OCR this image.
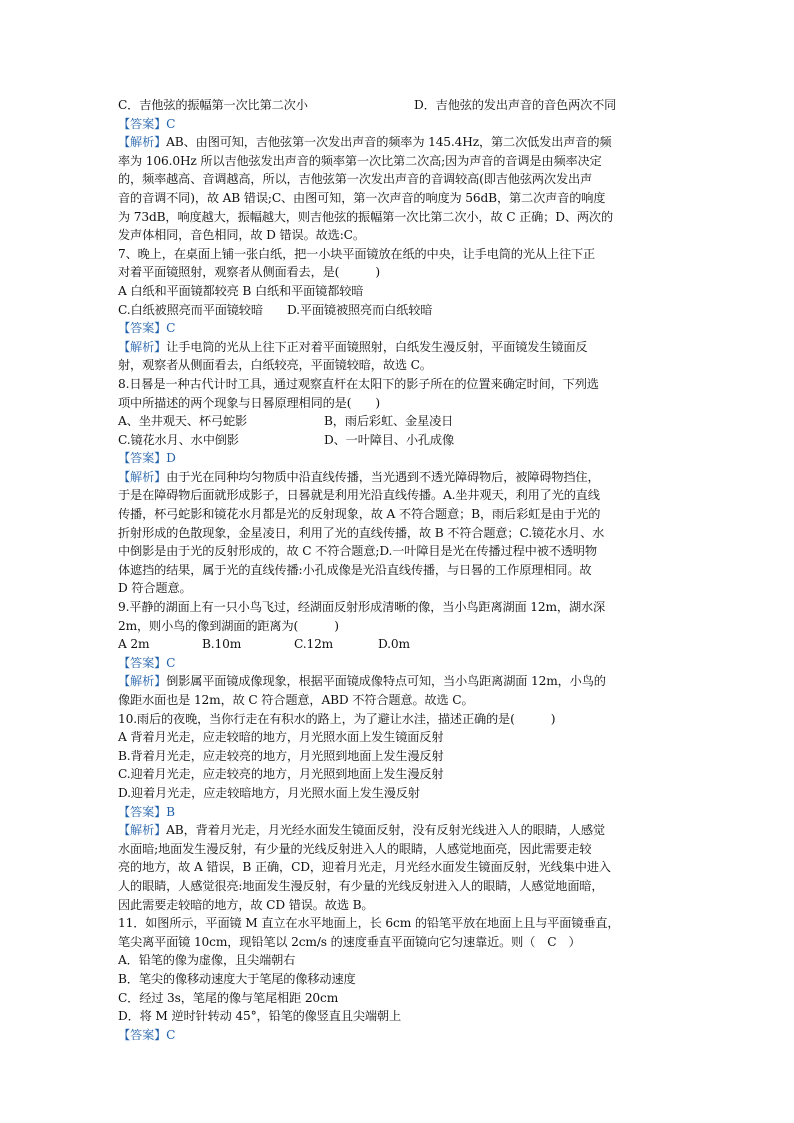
C．吉他弦的振幅第一次比第二次小	D．吉他弦的发出声音的音色两次不同
【答案】C
【解析】AB、由图可知，吉他弦第一次发出声音的频率为 145.4Hz，第二次低发出声音的频
率为 106.0Hz 所以吉他弦发出声音的频率第一次比第二次高;因为声音的音调是由频率决定
的，频率越高、音调越高，所以，吉他弦第一次发出声音的音调较高(即吉他弦两次发出声
音的音调不同)，故 AB 错误;C、由图可知，第一次声音的响度为 56dB，第二次声音的响度
为 73dB，响度越大，振幅越大，则吉他弦的振幅第一次比第二次小，故 C 正确；D、两次的
发声体相同，音色相同，故 D 错误。故选:C。
7、晚上，在桌面上铺一张白纸，把一小块平面镜放在纸的中央，让手电筒的光从上往下正
对着平面镜照射，观察者从侧面看去，是(　　　)
A 白纸和平面镜都较亮 B 白纸和平面镜都较暗
C.白纸被照亮而平面镜较暗　　D.平面镜被照亮而白纸较暗
【答案】C
【解析】让手电筒的光从上往下正对着平面镜照射，白纸发生漫反射，平面镜发生镜面反
射，观察者从侧面看去，白纸较亮，平面镜较暗，故选 C。
8.日晷是一种古代计时工具，通过观察直杆在太阳下的影子所在的位置来确定时间，下列选
项中所描述的两个现象与日晷原理相同的是(　　)
A、坐井观天、杯弓蛇影	B，雨后彩虹、金星凌日
C.镜花水月、水中倒影	D、一叶障目、小孔成像
【答案】D
【解析】由于光在同种均匀物质中沿直线传播，当光遇到不透光障碍物后，被障碍物挡住，
于是在障碍物后面就形成影子，日晷就是利用光沿直线传播。A.坐井观天，利用了光的直线
传播，杯弓蛇影和镜花水月都是光的反射现象，故 A 不符合题意；B，雨后彩虹是由于光的
折射形成的色散现象，金星凌日，利用了光的直线传播，故 B 不符合题意；C.镜花水月、水
中倒影是由于光的反射形成的，故 C 不符合题意;D.一叶障目是光在传播过程中被不透明物
体遮挡的结果，属于光的直线传播:小孔成像是光沿直线传播，与日晷的工作原理相同。故
D 符合题意。
9.平静的湖面上有一只小鸟飞过，经湖面反射形成清晰的像，当小鸟距离湖面 12m，湖水深
2m，则小鸟的像到湖面的距离为(　　　)
A 2m	B.10m	C.12m	D.0m
【答案】C
【解析】倒影属平面镜成像现象，根据平面镜成像特点可知，当小鸟距离湖面 12m，小鸟的
像距水面也是 12m，故 C 符合题意，ABD 不符合题意。故选 C。
10.雨后的夜晚，当你行走在有积水的路上，为了避让水洼，描述正确的是(　　　)
A 背着月光走，应走较暗的地方，月光照水面上发生镜面反射
B.背着月光走，应走较亮的地方，月光照到地面上发生漫反射
C.迎着月光走，应走较亮的地方，月光照到地面上发生漫反射
D.迎着月光走，应走较暗地方，月光照水面上发生漫反射
【答案】B
【解析】AB，背着月光走，月光经水面发生镜面反射，没有反射光线进入人的眼睛，人感觉
水面暗;地面发生漫反射，有少量的光线反射进入人的眼睛，人感觉地面亮，因此需要走较
亮的地方，故 A 错误，B 正确，CD，迎着月光走，月光经水面发生镜面反射，光线集中进入
人的眼睛，人感觉很亮:地面发生漫反射，有少量的光线反射进入人的眼睛，人感觉地面暗，
因此需要走较暗的地方，故 CD 错误。故选 B。
11．如图所示，平面镜 M 直立在水平地面上，长 6cm 的铅笔平放在地面上且与平面镜垂直，
笔尖离平面镜 10cm，现铅笔以 2cm/s 的速度垂直平面镜向它匀速靠近。则（　C　）
A．铅笔的像为虚像，且尖端朝右
B．笔尖的像移动速度大于笔尾的像移动速度
C．经过 3s，笔尾的像与笔尾相距 20cm
D．将 M 逆时针转动 45°，铅笔的像竖直且尖端朝上
【答案】C
